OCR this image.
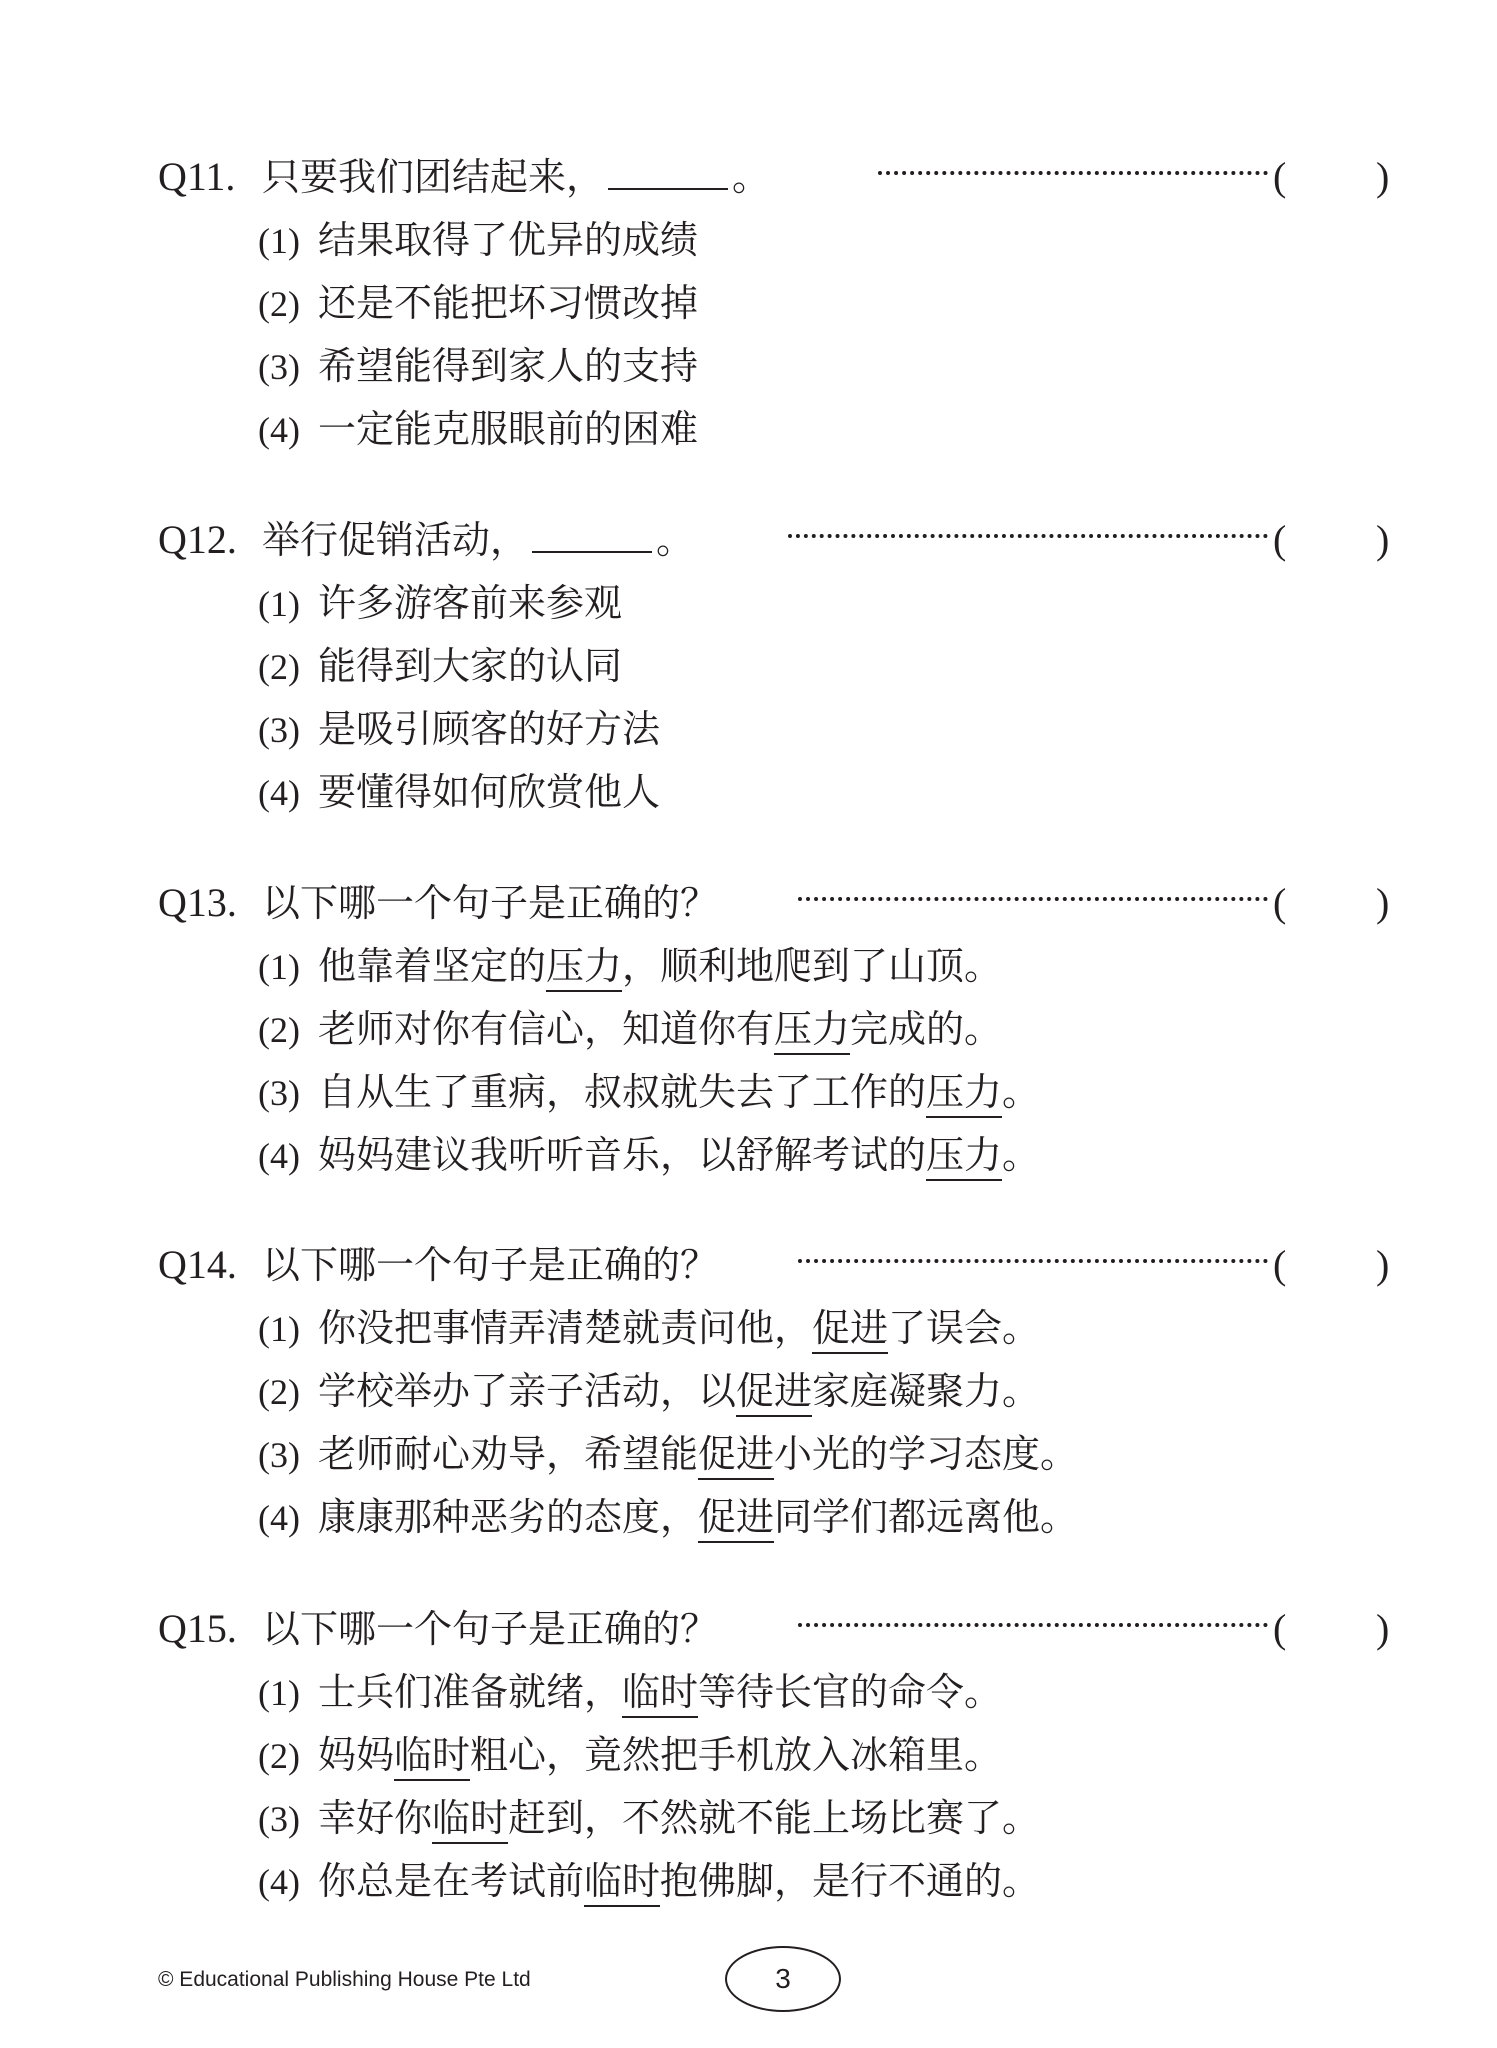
Q11. 只要我们团结起来，	。	( )
(1) 结果取得了优异的成绩
(2) 还是不能把坏习惯改掉
(3) 希望能得到家人的支持
(4) 一定能克服眼前的困难
Q12. 举行促销活动，	。	( )
(1) 许多游客前来参观
(2) 能得到大家的认同
(3) 是吸引顾客的好方法
(4) 要懂得如何欣赏他人
Q13. 以下哪一个句子是正确的？	( )
(1) 他靠着坚定的压力，顺利地爬到了山顶。
(2) 老师对你有信心，知道你有压力完成的。
(3) 自从生了重病，叔叔就失去了工作的压力。
(4) 妈妈建议我听听音乐，以舒解考试的压力。
Q14. 以下哪一个句子是正确的？	( )
(1) 你没把事情弄清楚就责问他，促进了误会。
(2) 学校举办了亲子活动，以促进家庭凝聚力。
(3) 老师耐心劝导，希望能促进小光的学习态度。
(4) 康康那种恶劣的态度，促进同学们都远离他。
Q15. 以下哪一个句子是正确的？	( )
(1) 士兵们准备就绪，临时等待长官的命令。
(2) 妈妈临时粗心，竟然把手机放入冰箱里。
(3) 幸好你临时赶到，不然就不能上场比赛了。
(4) 你总是在考试前临时抱佛脚，是行不通的。
© Educational Publishing House Pte Ltd	3
